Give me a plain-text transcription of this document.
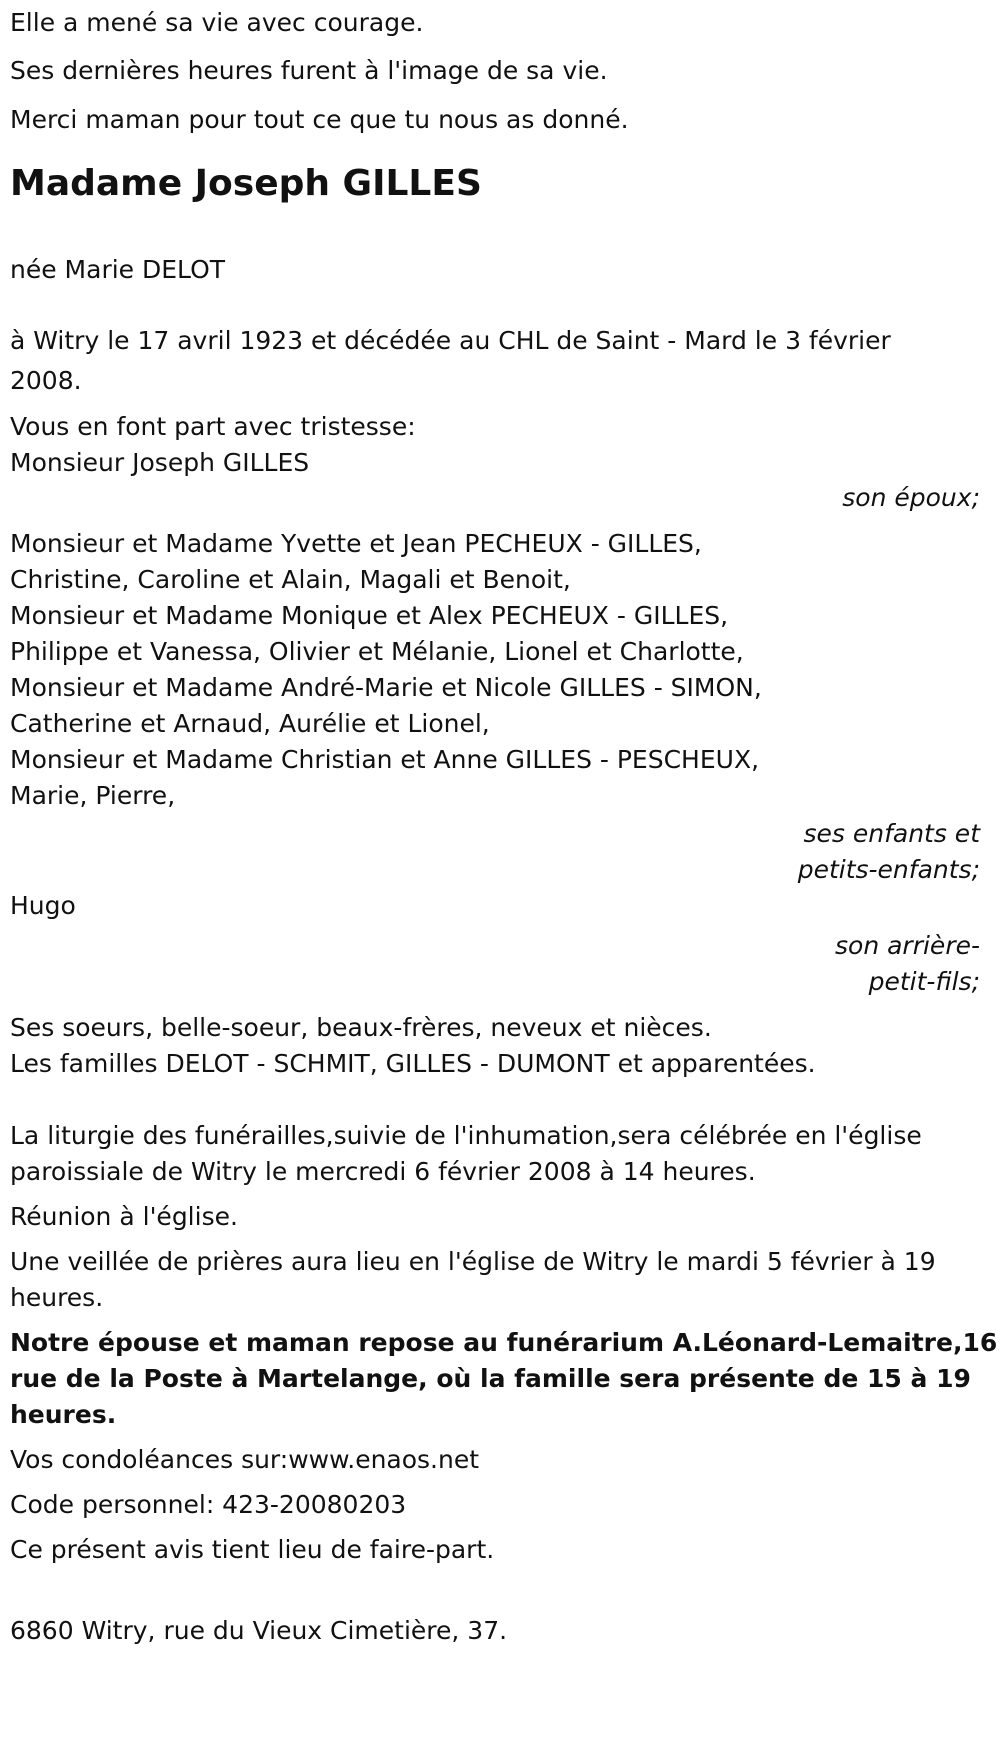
Elle a mené sa vie avec courage.
Ses dernières heures furent à l'image de sa vie.
Merci maman pour tout ce que tu nous as donné.
Madame Joseph GILLES
née Marie DELOT
à Witry le 17 avril 1923 et décédée au CHL de Saint - Mard le 3 février
2008.
Vous en font part avec tristesse:
Monsieur Joseph GILLES
son époux;
Monsieur et Madame Yvette et Jean PECHEUX - GILLES,
Christine, Caroline et Alain, Magali et Benoit,
Monsieur et Madame Monique et Alex PECHEUX - GILLES,
Philippe et Vanessa, Olivier et Mélanie, Lionel et Charlotte,
Monsieur et Madame André-Marie et Nicole GILLES - SIMON,
Catherine et Arnaud, Aurélie et Lionel,
Monsieur et Madame Christian et Anne GILLES - PESCHEUX,
Marie, Pierre,
ses enfants et
petits-enfants;
Hugo
son arrière-
petit-fils;
Ses soeurs, belle-soeur, beaux-frères, neveux et nièces.
Les familles DELOT - SCHMIT, GILLES - DUMONT et apparentées.
La liturgie des funérailles,suivie de l'inhumation,sera célébrée en l'église
paroissiale de Witry le mercredi 6 février 2008 à 14 heures.
Réunion à l'église.
Une veillée de prières aura lieu en l'église de Witry le mardi 5 février à 19
heures.
Notre épouse et maman repose au funérarium A.Léonard-Lemaitre,16
rue de la Poste à Martelange, où la famille sera présente de 15 à 19
heures.
Vos condoléances sur:www.enaos.net
Code personnel: 423-20080203
Ce présent avis tient lieu de faire-part.
6860 Witry, rue du Vieux Cimetière, 37.
